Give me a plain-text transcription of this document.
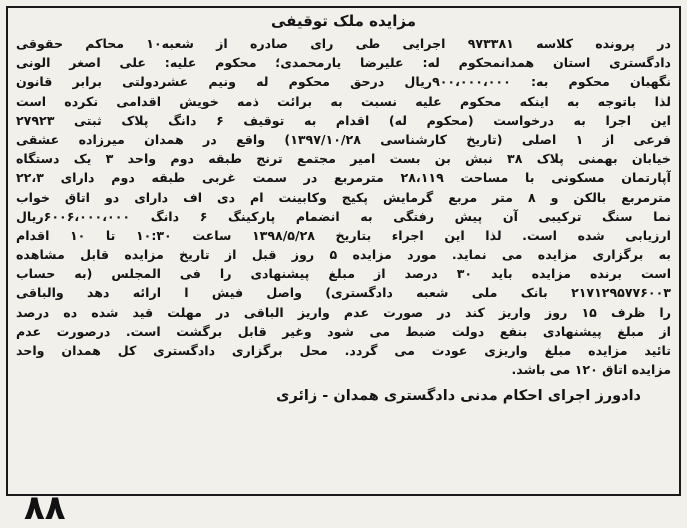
مزایده ملک توقیفی
در پرونده کلاسه ۹۷۳۳۸۱ اجرایی طی رای صادره از شعبه۱۰ محاکم حقوقی
دادگستری استان همدانمحکوم له: علیرضا یارمحمدی؛ محکوم علیه: علی اصغر الونی
نگهبان محکوم به: ۹۰۰،۰۰۰،۰۰۰ریال درحق محکوم له ونیم عشردولتی برابر قانون
لذا باتوجه به اینکه محکوم علیه نسبت به برائت ذمه خویش اقدامی نکرده است
این اجرا به درخواست (محکوم له) اقدام به توقیف ۶ دانگ پلاک ثبتی ۲۷۹۲۳
فرعی از ۱ اصلی (تاریخ کارشناسی ۱۳۹۷/۱۰/۲۸) واقع در همدان میرزاده عشقی
خیابان بهمنی پلاک ۳۸ نبش بن بست امیر مجتمع ترنج طبقه دوم واحد ۳ یک دستگاه
آپارتمان مسکونی با مساحت ۲۸،۱۱۹ مترمربع در سمت غربی طبقه دوم دارای ۲۲،۳
مترمربع بالکن و ۸ متر مربع گرمایش پکیج وکابینت ام دی اف دارای دو اتاق خواب
نما سنگ ترکیبی آن پیش رفتگی به انضمام پارکینگ ۶ دانگ ۶۰۰۶،۰۰۰،۰۰۰ریال
ارزیابی شده است. لذا این اجراء بتاریخ ۱۳۹۸/۵/۲۸ ساعت ۱۰:۳۰ تا ۱۰ اقدام
به برگزاری مزایده می نماید. مورد مزایده ۵ روز قبل از تاریخ مزایده قابل مشاهده
است برنده مزایده باید ۳۰ درصد از مبلغ پیشنهادی را فی المجلس (به حساب
۲۱۷۱۲۹۵۷۷۶۰۰۳ بانک ملی شعبه دادگستری) واصل فیش ا ارائه دهد والباقی
را ظرف ۱۵ روز واریز کند در صورت عدم واریز الباقی در مهلت قید شده ده درصد
از مبلغ پیشنهادی بنفع دولت ضبط می شود وغیر قابل برگشت است. درصورت عدم
تائید مزایده مبلغ واریزی عودت می گردد. محل برگزاری دادگستری کل همدان واحد
مزایده اتاق ۱۲۰ می باشد.
دادورز اجرای احکام مدنی دادگستری همدان - زائری
۸۸
